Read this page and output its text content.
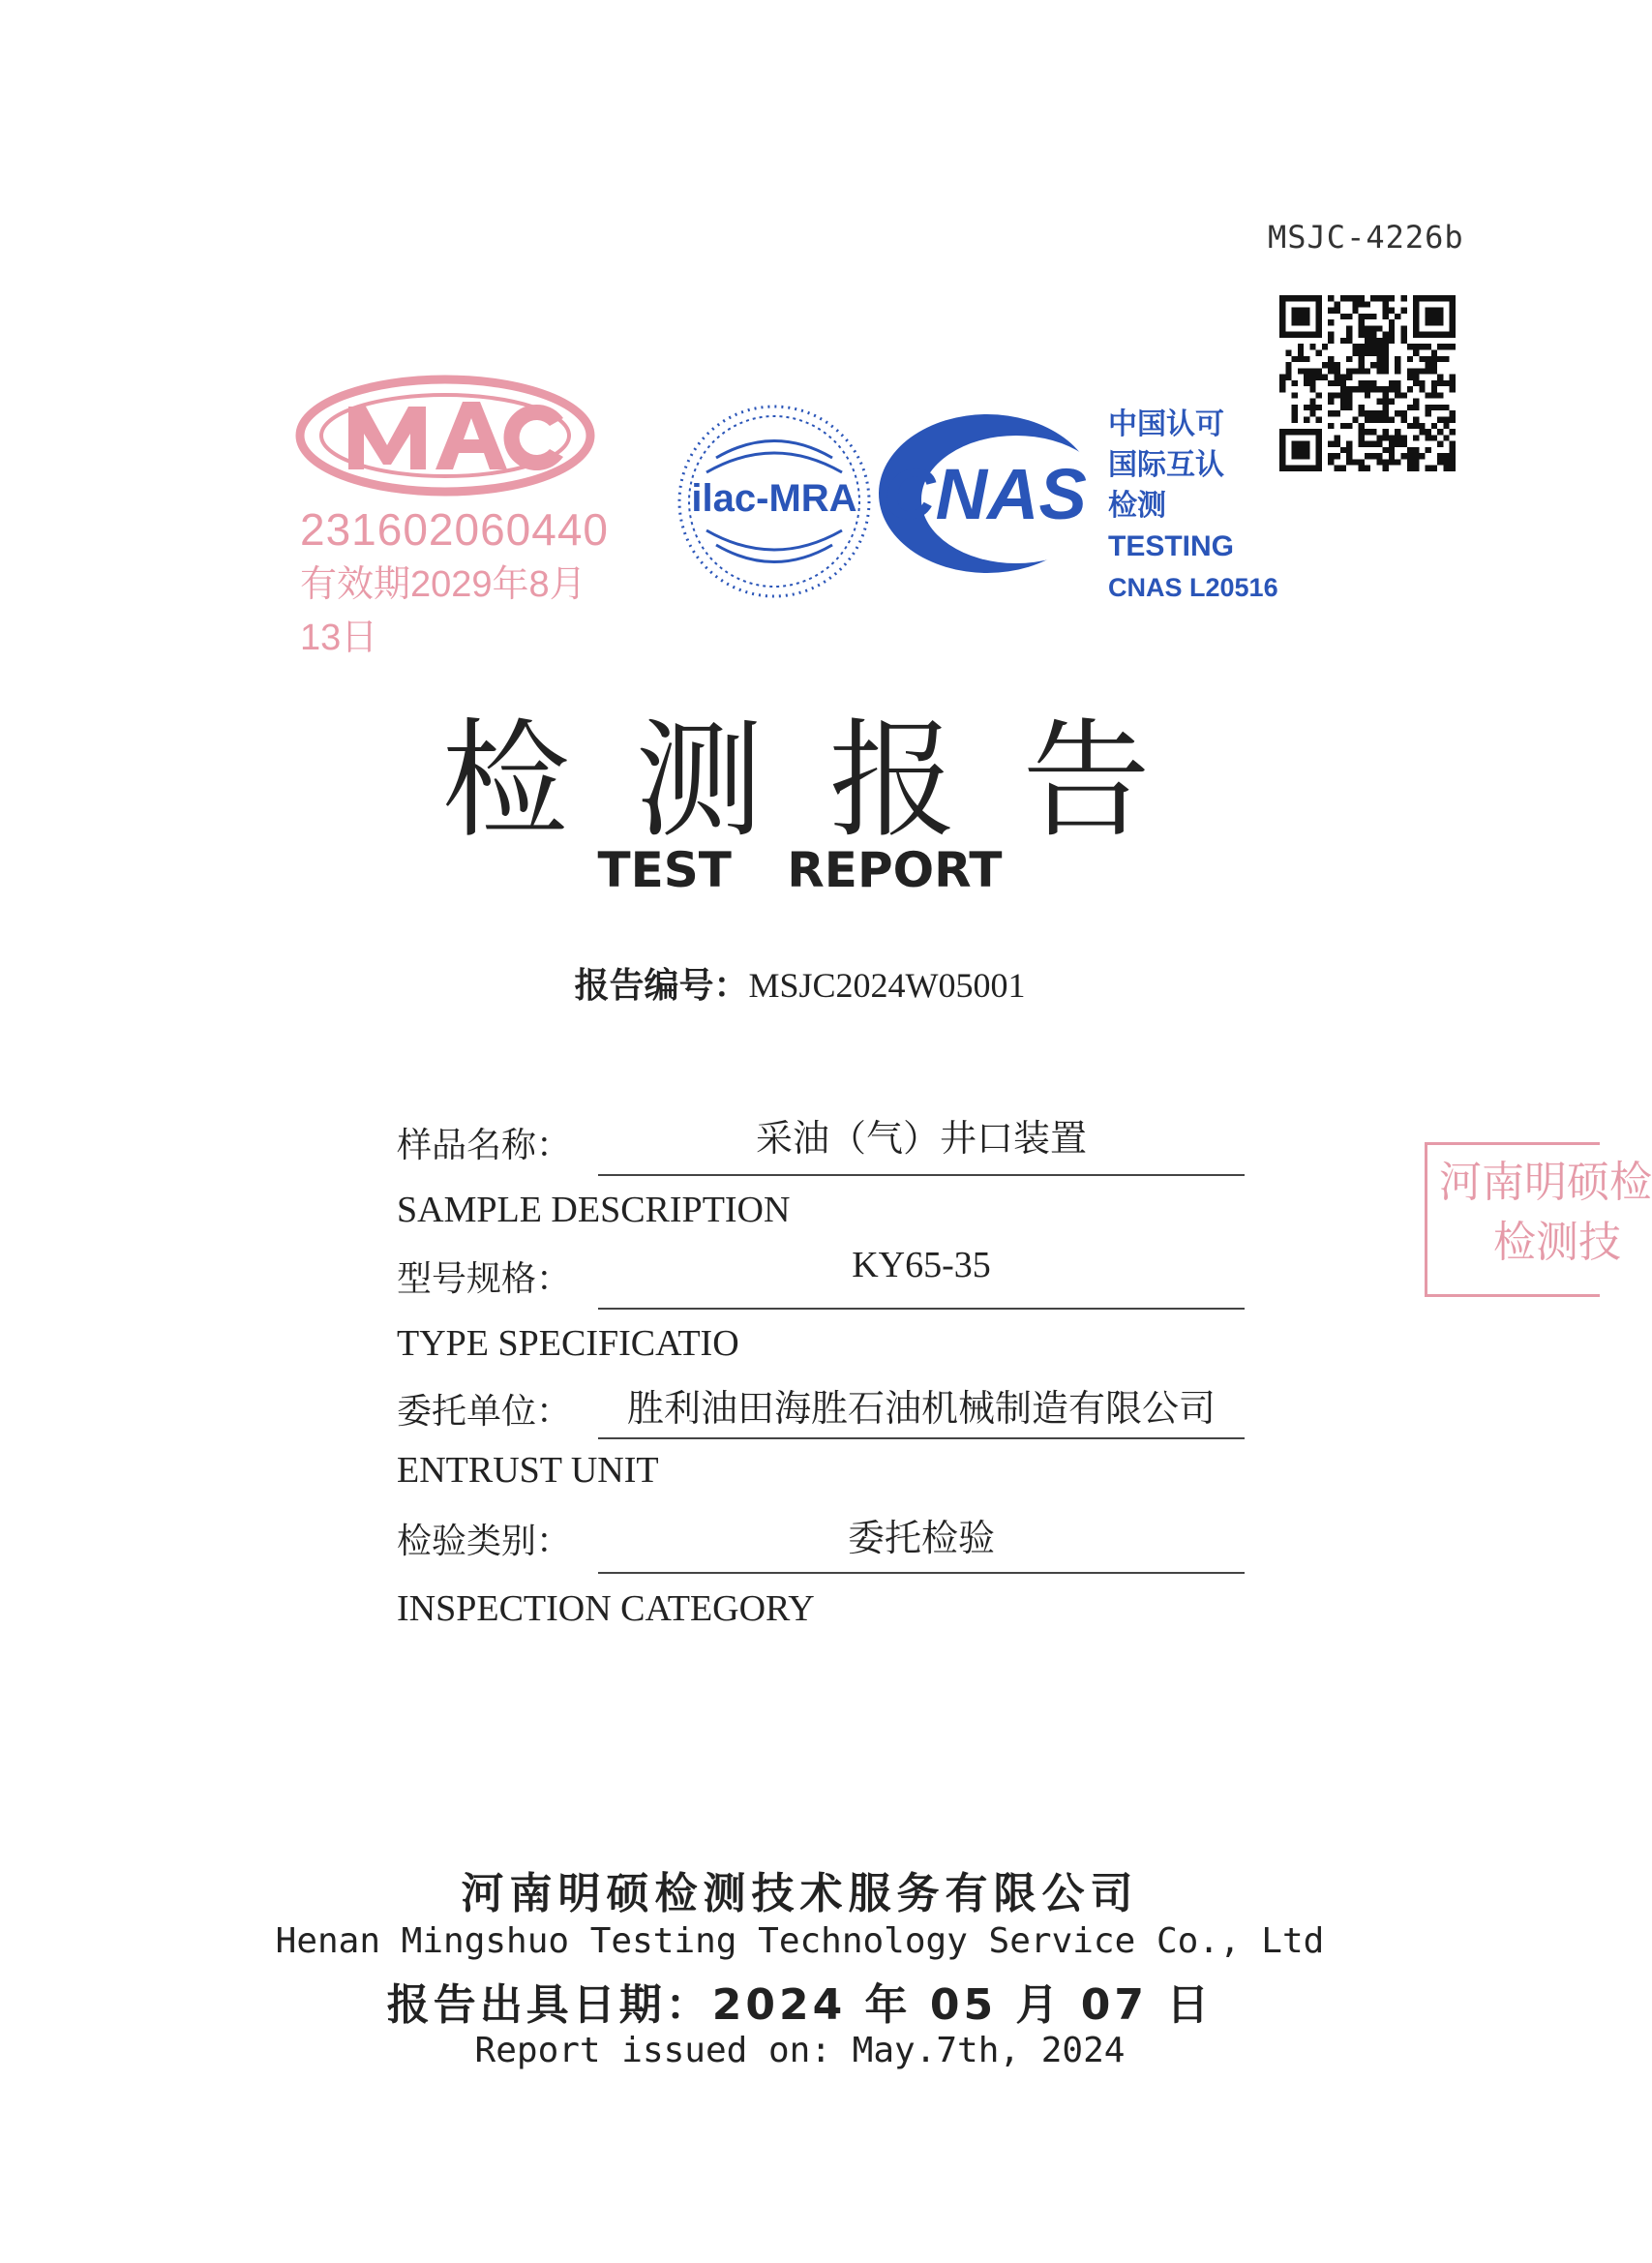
MSJC-4226b
231602060440
有效期2029年8月13日
ilac-MRA CNAS
中国认可
国际互认
检测
TESTING
CNAS L20516
检测报告
TEST REPORT
报告编号：MSJC2024W05001
样品名称：	采油（气）井口装置
SAMPLE DESCRIPTION
型号规格：	KY65-35
TYPE SPECIFICATIO
委托单位：	胜利油田海胜石油机械制造有限公司
ENTRUST UNIT
检验类别：	委托检验
INSPECTION CATEGORY
河南明硕检
检测技
河南明硕检测技术服务有限公司
Henan Mingshuo Testing Technology Service Co., Ltd
报告出具日期：2024 年 05 月 07 日
Report issued on: May.7th, 2024
